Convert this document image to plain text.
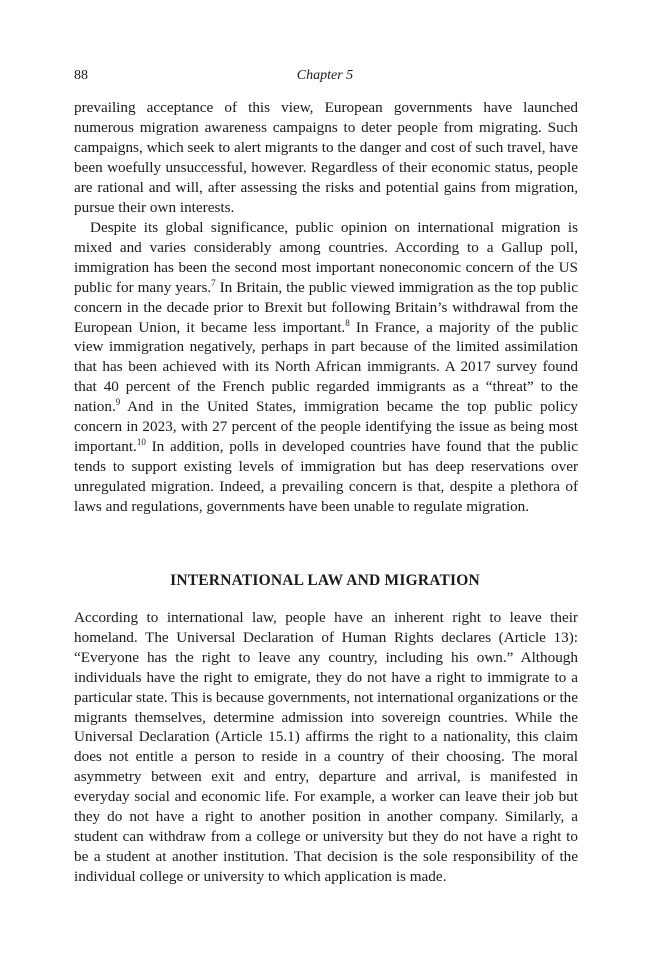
88	Chapter 5

prevailing acceptance of this view, European governments have launched numerous migration awareness campaigns to deter people from migrating. Such campaigns, which seek to alert migrants to the danger and cost of such travel, have been woefully unsuccessful, however. Regardless of their economic status, people are rational and will, after assessing the risks and potential gains from migration, pursue their own interests.

Despite its global significance, public opinion on international migration is mixed and varies considerably among countries. According to a Gallup poll, immigration has been the second most important noneconomic concern of the US public for many years.$^7$ In Britain, the public viewed immigration as the top public concern in the decade prior to Brexit but following Britain’s withdrawal from the European Union, it became less important.$^8$ In France, a majority of the public view immigration negatively, perhaps in part because of the limited assimilation that has been achieved with its North African immigrants. A 2017 survey found that 40 percent of the French public regarded immigrants as a “threat” to the nation.$^9$ And in the United States, immigration became the top public policy concern in 2023, with 27 percent of the people identifying the issue as being most important.$^{10}$ In addition, polls in developed countries have found that the public tends to support existing levels of immigration but has deep reservations over unregulated migration. Indeed, a prevailing concern is that, despite a plethora of laws and regulations, governments have been unable to regulate migration.

INTERNATIONAL LAW AND MIGRATION

According to international law, people have an inherent right to leave their homeland. The Universal Declaration of Human Rights declares (Article 13): “Everyone has the right to leave any country, including his own.” Although individuals have the right to emigrate, they do not have a right to immigrate to a particular state. This is because governments, not international organizations or the migrants themselves, determine admission into sovereign countries. While the Universal Declaration (Article 15.1) affirms the right to a nationality, this claim does not entitle a person to reside in a country of their choosing. The moral asymmetry between exit and entry, departure and arrival, is manifested in everyday social and economic life. For example, a worker can leave their job but they do not have a right to another position in another company. Similarly, a student can withdraw from a college or university but they do not have a right to be a student at another institution. That decision is the sole responsibility of the individual college or university to which application is made.
